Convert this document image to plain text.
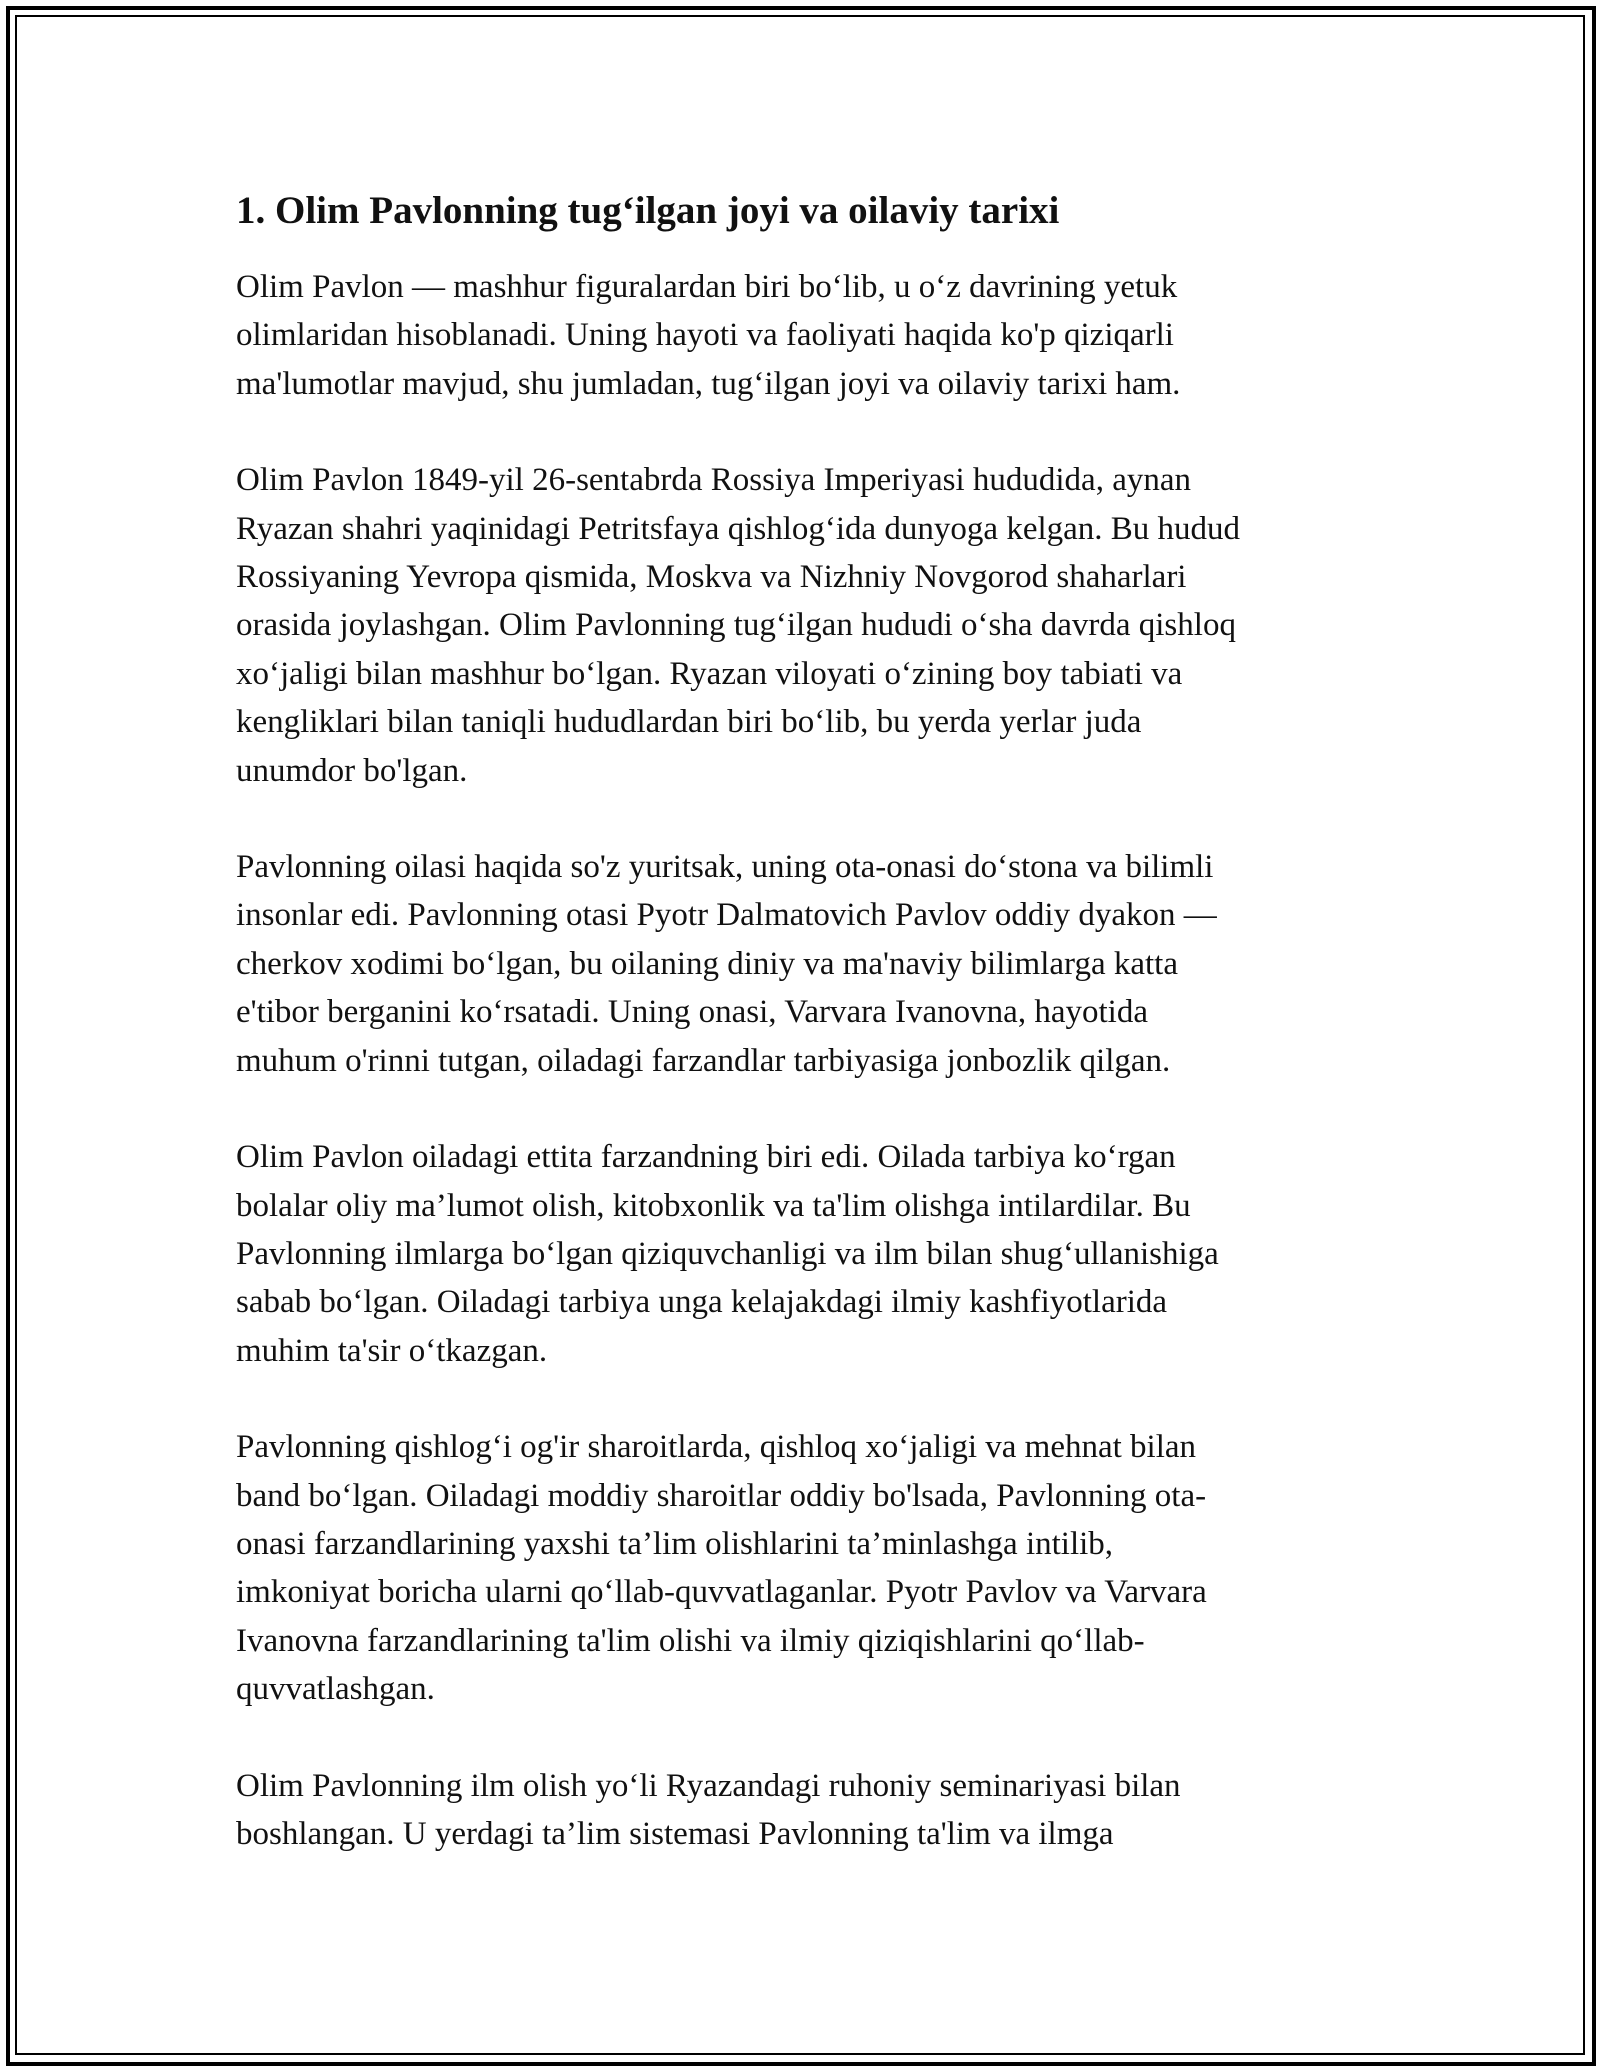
1. Olim Pavlonning tug‘ilgan joyi va oilaviy tarixi

Olim Pavlon — mashhur figuralardan biri bo‘lib, u o‘z davrining yetuk
olimlaridan hisoblanadi. Uning hayoti va faoliyati haqida ko'p qiziqarli
ma'lumotlar mavjud, shu jumladan, tug‘ilgan joyi va oilaviy tarixi ham.

Olim Pavlon 1849-yil 26-sentabrda Rossiya Imperiyasi hududida, aynan
Ryazan shahri yaqinidagi Petritsfaya qishlog‘ida dunyoga kelgan. Bu hudud
Rossiyaning Yevropa qismida, Moskva va Nizhniy Novgorod shaharlari
orasida joylashgan. Olim Pavlonning tug‘ilgan hududi o‘sha davrda qishloq
xo‘jaligi bilan mashhur bo‘lgan. Ryazan viloyati o‘zining boy tabiati va
kengliklari bilan taniqli hududlardan biri bo‘lib, bu yerda yerlar juda
unumdor bo'lgan.

Pavlonning oilasi haqida so'z yuritsak, uning ota-onasi do‘stona va bilimli
insonlar edi. Pavlonning otasi Pyotr Dalmatovich Pavlov oddiy dyakon —
cherkov xodimi bo‘lgan, bu oilaning diniy va ma'naviy bilimlarga katta
e'tibor berganini ko‘rsatadi. Uning onasi, Varvara Ivanovna, hayotida
muhum o'rinni tutgan, oiladagi farzandlar tarbiyasiga jonbozlik qilgan.

Olim Pavlon oiladagi ettita farzandning biri edi. Oilada tarbiya ko‘rgan
bolalar oliy ma’lumot olish, kitobxonlik va ta'lim olishga intilardilar. Bu
Pavlonning ilmlarga bo‘lgan qiziquvchanligi va ilm bilan shug‘ullanishiga
sabab bo‘lgan. Oiladagi tarbiya unga kelajakdagi ilmiy kashfiyotlarida
muhim ta'sir o‘tkazgan.

Pavlonning qishlog‘i og'ir sharoitlarda, qishloq xo‘jaligi va mehnat bilan
band bo‘lgan. Oiladagi moddiy sharoitlar oddiy bo'lsada, Pavlonning ota-
onasi farzandlarining yaxshi ta’lim olishlarini ta’minlashga intilib,
imkoniyat boricha ularni qo‘llab-quvvatlaganlar. Pyotr Pavlov va Varvara
Ivanovna farzandlarining ta'lim olishi va ilmiy qiziqishlarini qo‘llab-
quvvatlashgan.

Olim Pavlonning ilm olish yo‘li Ryazandagi ruhoniy seminariyasi bilan
boshlangan. U yerdagi ta’lim sistemasi Pavlonning ta'lim va ilmga
